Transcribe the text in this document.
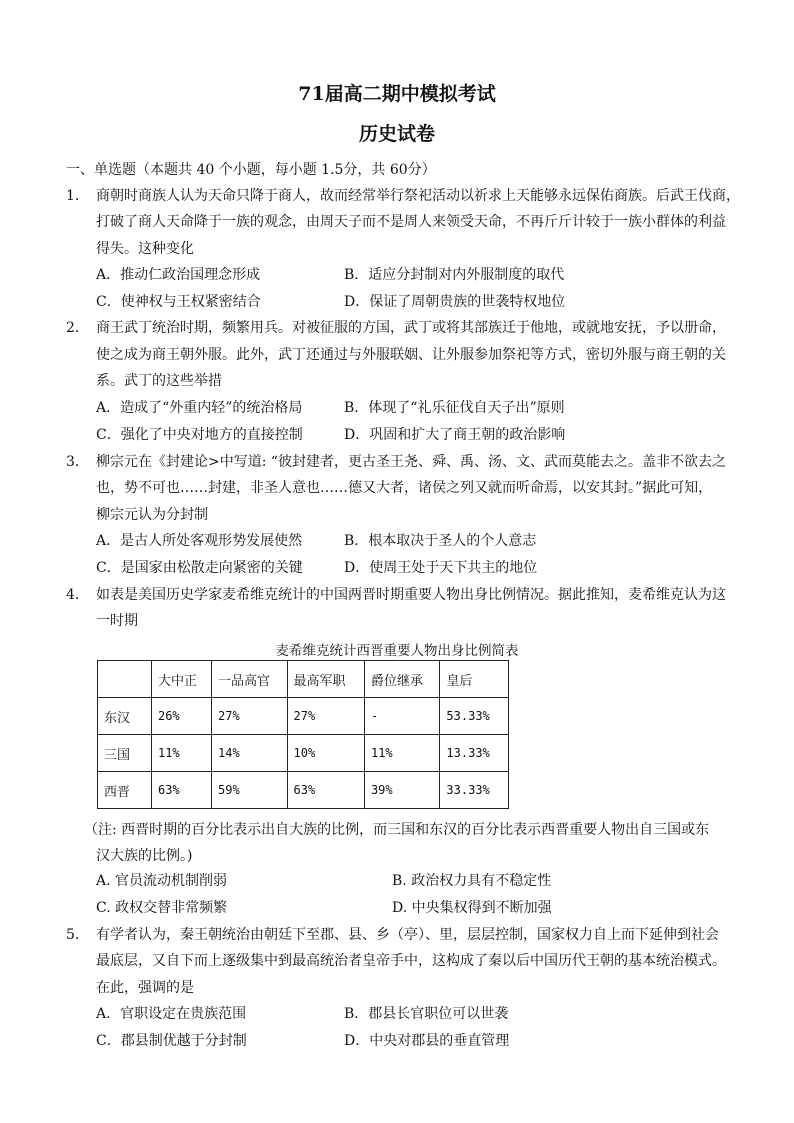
71届高二期中模拟考试
历史试卷
一、单选题（本题共 40 个小题，每小题 1.5分，共 60分）
1． 商朝时商族人认为天命只降于商人，故而经常举行祭祀活动以祈求上天能够永远保佑商族。后武王伐商，
打破了商人天命降于一族的观念，由周天子而不是周人来领受天命，不再斤斤计较于一族小群体的利益
得失。这种变化
A．推动仁政治国理念形成	B．适应分封制对内外服制度的取代
C．使神权与王权紧密结合	D．保证了周朝贵族的世袭特权地位
2． 商王武丁统治时期，频繁用兵。对被征服的方国，武丁或将其部族迁于他地，或就地安抚，予以册命，
使之成为商王朝外服。此外，武丁还通过与外服联姻、让外服参加祭祀等方式，密切外服与商王朝的关
系。武丁的这些举措
A．造成了“外重内轻”的统治格局	B．体现了“礼乐征伐自天子出”原则
C．强化了中央对地方的直接控制	D．巩固和扩大了商王朝的政治影响
3． 柳宗元在《封建论>中写道: “彼封建者，更古圣王尧、舜、禹、汤、文、武而莫能去之。盖非不欲去之
也，势不可也……封建，非圣人意也……德又大者，诸侯之列又就而听命焉，以安其封。”据此可知，
柳宗元认为分封制
A．是古人所处客观形势发展使然	B．根本取决于圣人的个人意志
C．是国家由松散走向紧密的关键	D．使周王处于天下共主的地位
4． 如表是美国历史学家麦希维克统计的中国两晋时期重要人物出身比例情况。据此推知，麦希维克认为这
一时期
麦希维克统计西晋重要人物出身比例简表
	大中正	一品高官	最高军职	爵位继承	皇后
东汉	26%	27%	27%	-	53.33%
三国	11%	14%	10%	11%	13.33%
西晋	63%	59%	63%	39%	33.33%
（注: 西晋时期的百分比表示出自大族的比例，而三国和东汉的百分比表示西晋重要人物出自三国或东
汉大族的比例。)
A. 官员流动机制削弱	B. 政治权力具有不稳定性
C. 政权交替非常频繁	D. 中央集权得到不断加强
5． 有学者认为，秦王朝统治由朝廷下至郡、县、乡（亭）、里，层层控制，国家权力自上而下延伸到社会
最底层，又自下而上逐级集中到最高统治者皇帝手中，这构成了秦以后中国历代王朝的基本统治模式。
在此，强调的是
A．官职设定在贵族范围	B．郡县长官职位可以世袭
C．郡县制优越于分封制	D．中央对郡县的垂直管理
